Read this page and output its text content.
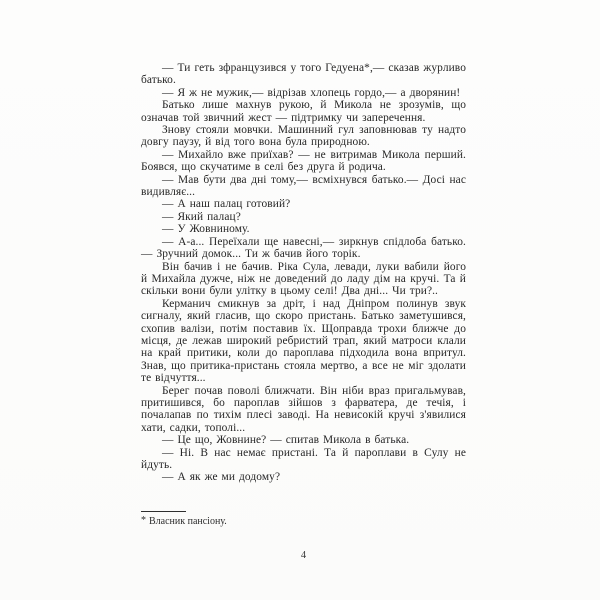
— Ти геть зфранцузився у того Гедуена*,— сказав журливо батько.

— Я ж не мужик,— відрізав хлопець гордо,— а дворянин!

Батько лише махнув рукою, й Микола не зрозумів, що означав той звичний жест — підтримку чи заперечення.

Знову стояли мовчки. Машинний гул заповнював ту надто довгу паузу, й від того вона була природною.

— Михайло вже приїхав? — не витримав Микола перший. Боявся, що скучатиме в селі без друга й родича.

— Мав бути два дні тому,— всміхнувся батько.— Досі нас видивляє...

— А наш палац готовий?

— Який палац?

— У Жовниному.

— А-а... Переїхали ще навесні,— зиркнув спідлоба батько.— Зручний домок... Ти ж бачив його торік.

Він бачив і не бачив. Ріка Сула, левади, луки вабили його й Михайла дужче, ніж не доведений до ладу дім на кручі. Та й скільки вони були улітку в цьому селі! Два дні... Чи три?..

Керманич смикнув за дріт, і над Дніпром полинув звук сигналу, який гласив, що скоро пристань. Батько заметушився, схопив валізи, потім поставив їх. Щоправда трохи ближче до місця, де лежав широкий ребристий трап, який матроси клали на край притики, коли до пароплава підходила вона впритул. Знав, що притика-пристань стояла мертво, а все не міг здолати те відчуття...

Берег почав поволі ближчати. Він ніби враз пригальмував, притишився, бо пароплав зійшов з фарватера, де течія, і почалапав по тихім плесі заводі. На невисокій кручі з'явилися хати, садки, тополі...

— Це що, Жовнине? — спитав Микола в батька.

— Ні. В нас немає пристані. Та й пароплави в Сулу не йдуть.

— А як же ми додому?

* Власник пансіону.
4
